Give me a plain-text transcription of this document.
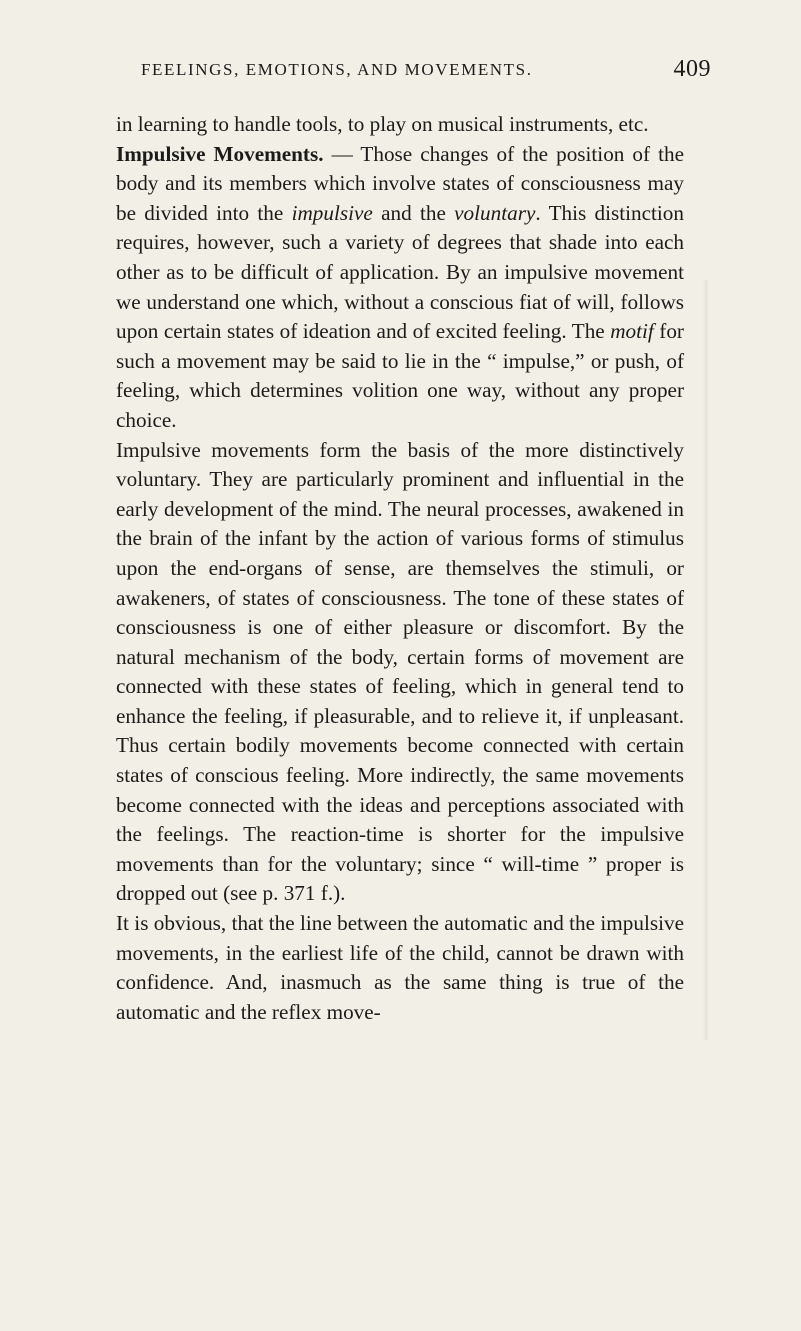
FEELINGS, EMOTIONS, AND MOVEMENTS.	409

in learning to handle tools, to play on musical instruments, etc.

Impulsive Movements. — Those changes of the position of the body and its members which involve states of consciousness may be divided into the impulsive and the voluntary. This distinction requires, however, such a variety of degrees that shade into each other as to be difficult of application. By an impulsive movement we understand one which, without a conscious fiat of will, follows upon certain states of ideation and of excited feeling. The motif for such a movement may be said to lie in the “ impulse,” or push, of feeling, which determines volition one way, without any proper choice.

Impulsive movements form the basis of the more distinctively voluntary. They are particularly prominent and influential in the early development of the mind. The neural processes, awakened in the brain of the infant by the action of various forms of stimulus upon the end-organs of sense, are themselves the stimuli, or awakeners, of states of consciousness. The tone of these states of consciousness is one of either pleasure or discomfort. By the natural mechanism of the body, certain forms of movement are connected with these states of feeling, which in general tend to enhance the feeling, if pleasurable, and to relieve it, if unpleasant. Thus certain bodily movements become connected with certain states of conscious feeling. More indirectly, the same movements become connected with the ideas and perceptions associated with the feelings. The reaction-time is shorter for the impulsive movements than for the voluntary; since “ will-time ” proper is dropped out (see p. 371 f.).

It is obvious, that the line between the automatic and the impulsive movements, in the earliest life of the child, cannot be drawn with confidence. And, inasmuch as the same thing is true of the automatic and the reflex move-
